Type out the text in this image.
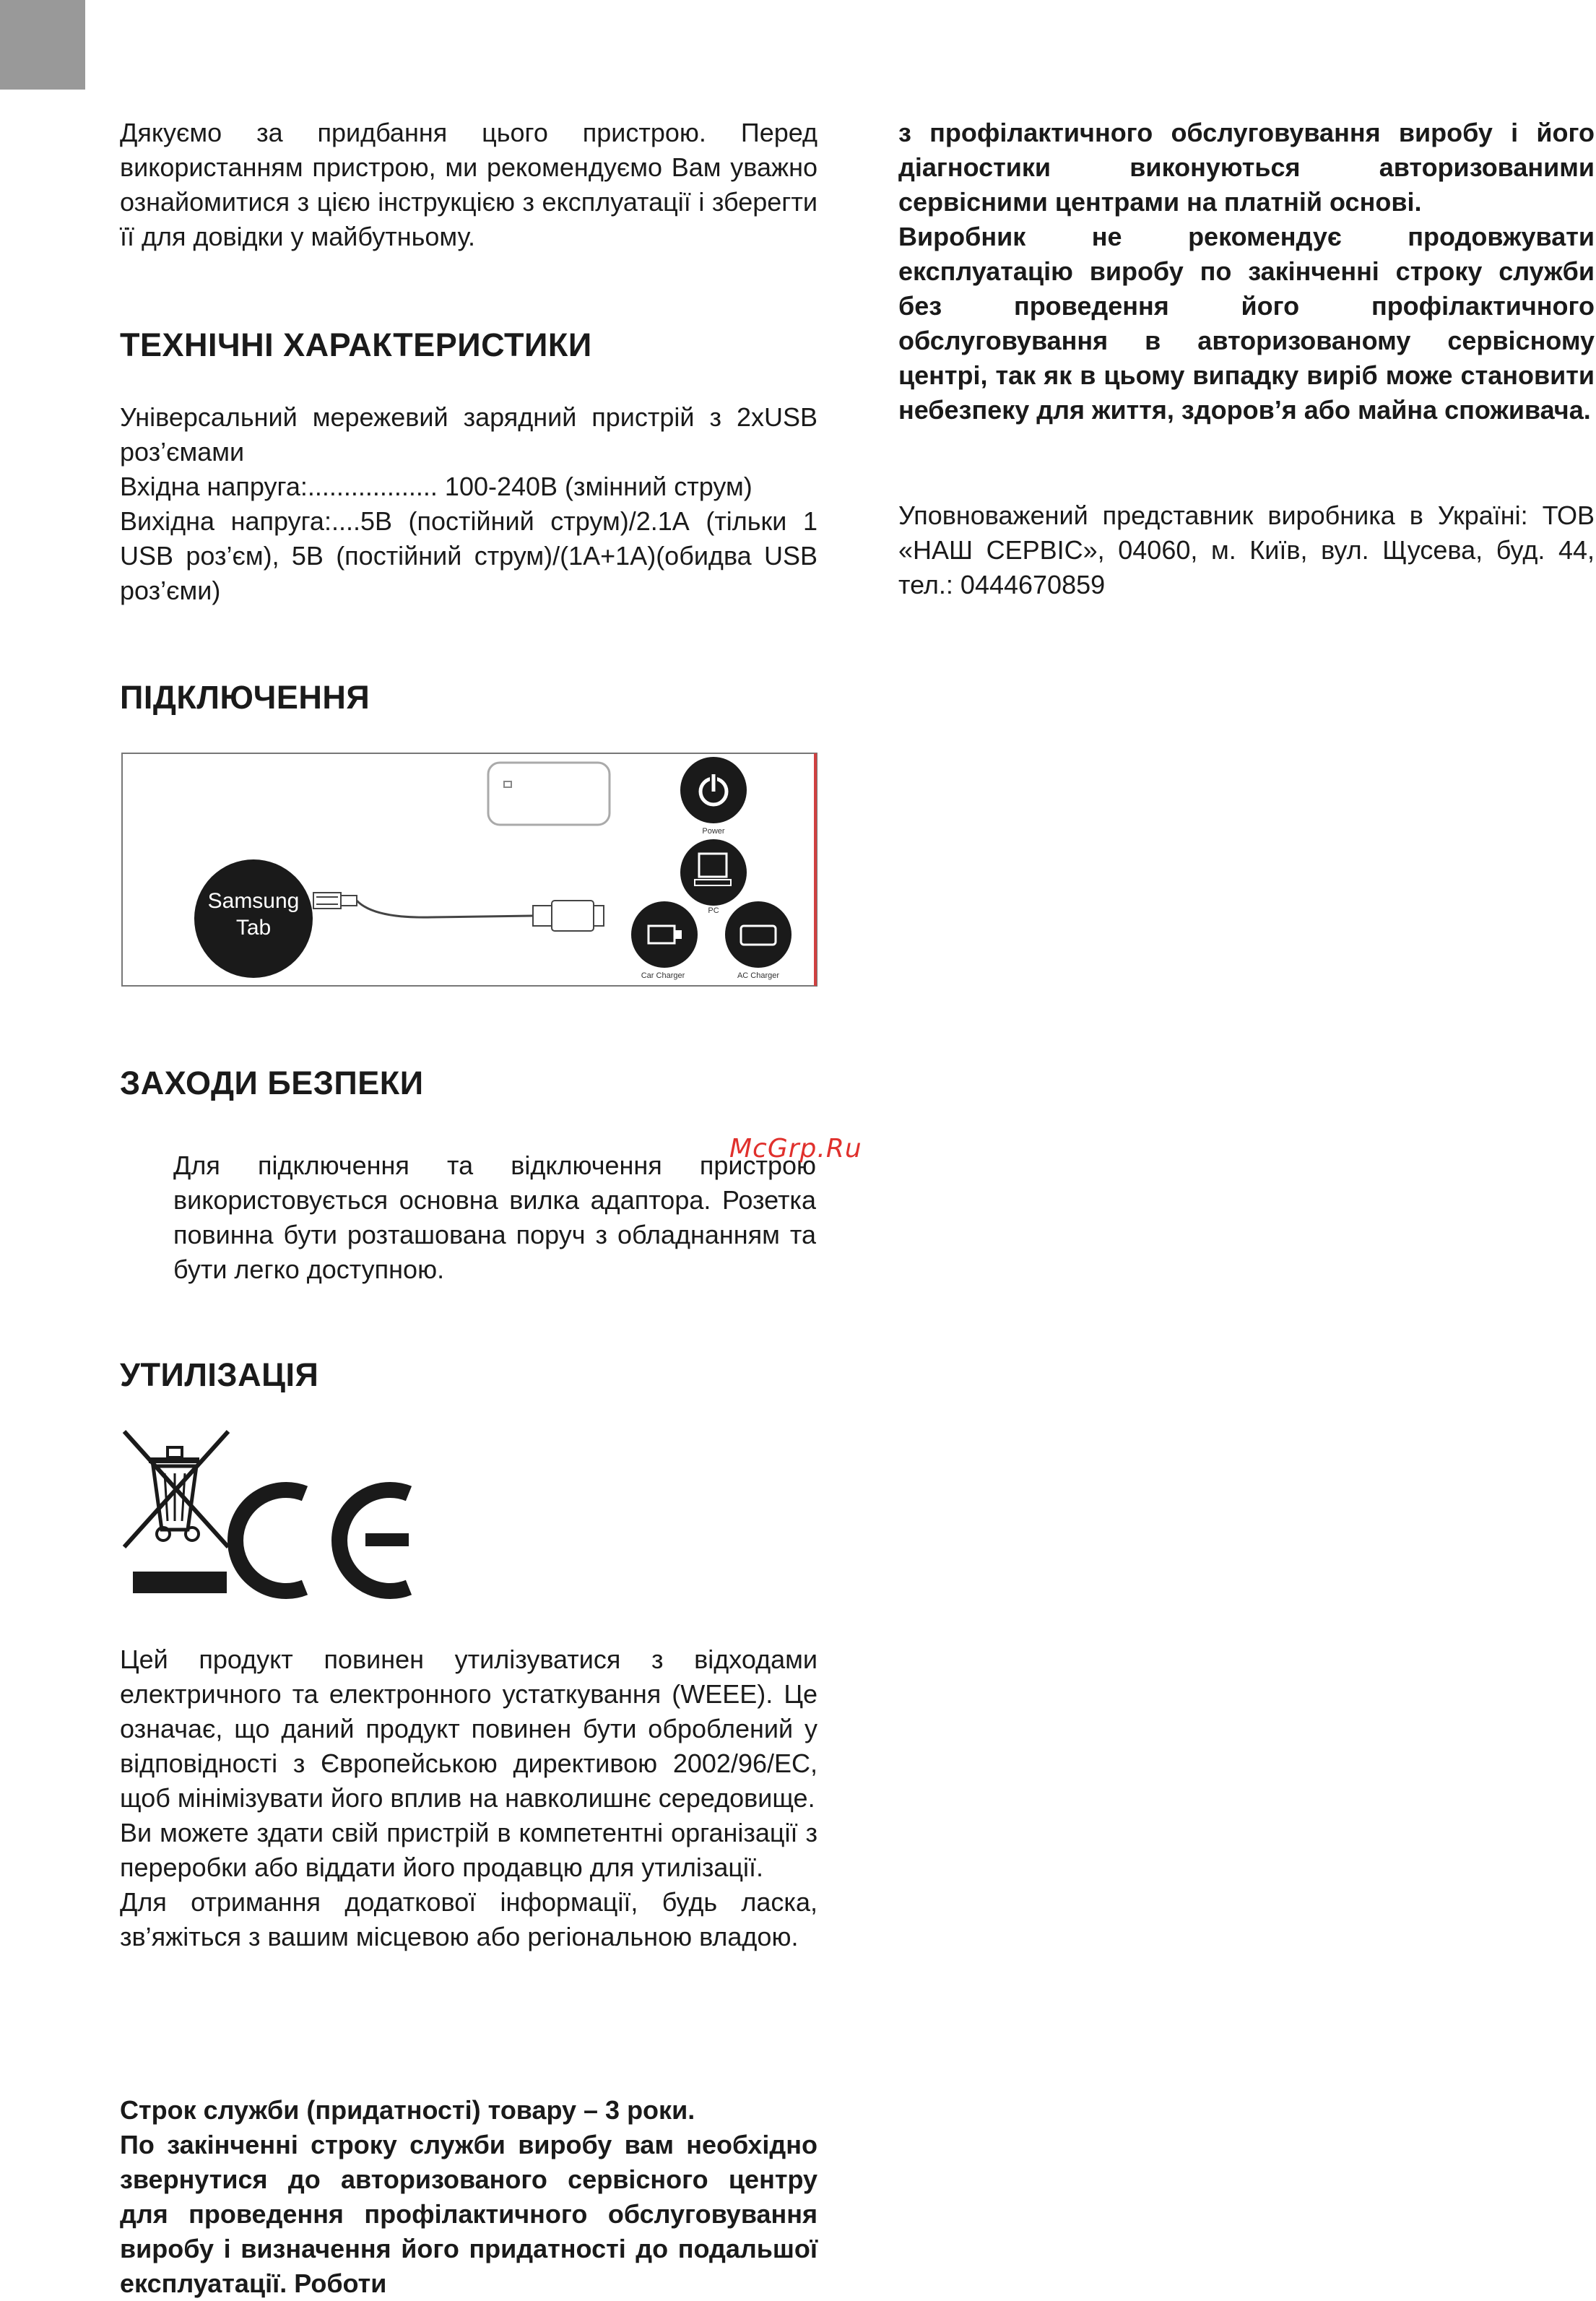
Дякуємо за придбання цього пристрою. Перед використанням пристрою, ми рекомендуємо Вам уважно ознайомитися з цією інструкцією з експлуатації і зберегти її для довідки у майбутньому.

ТЕХНІЧНІ ХАРАКТЕРИСТИКИ

Універсальний мережевий зарядний пристрій з 2xUSB роз’ємами

Вхідна напруга:.................. 100-240В (змінний струм)

Вихідна напруга:....5В (постійний струм)/2.1А (тільки 1 USB роз’єм), 5В (постійний струм)/(1А+1А)(обидва USB роз’єми)

ПІДКЛЮЧЕННЯ
Samsung
Tab
Power
PC
Car Charger	AC Charger
ЗАХОДИ БЕЗПЕКИ

Для підключення та відключення пристрою використовується основна вилка адаптора. Розетка повинна бути розташована поруч з обладнанням та бути легко доступною.

McGrp.Ru
УТИЛІЗАЦІЯ

Цей продукт повинен утилізуватися з відходами електричного та електронного устаткування (WEEE). Це означає, що даний продукт повинен бути оброблений у відповідності з Європейською директивою 2002/96/ЕС, щоб мінімізувати його вплив на навколишнє середовище.

Ви можете здати свій пристрій в компетентні організації з переробки або віддати його продавцю для утилізації.

Для отримання додаткової інформації, будь ласка, зв’яжіться з вашим місцевою або регіональною владою.

Строк служби (придатності) товару – 3 роки.

По закінченні строку служби виробу вам необхідно звернутися до авторизованого сервісного центру для проведення профілактичного обслуговування виробу і визначення його придатності до подальшої експлуатації. Роботи

з профілактичного обслуговування виробу і його діагностики виконуються авторизованими сервісними центрами на платній основі.

Виробник не рекомендує продовжувати експлуатацію виробу по закінченні строку служби без проведення його профілактичного обслуговування в авторизованому сервісному центрі, так як в цьому випадку виріб може становити небезпеку для життя, здоров’я або майна споживача.

Уповноважений представник виробника в Україні: ТОВ «НАШ СЕРВІС», 04060, м. Київ, вул. Щусева, буд. 44, тел.: 0444670859
